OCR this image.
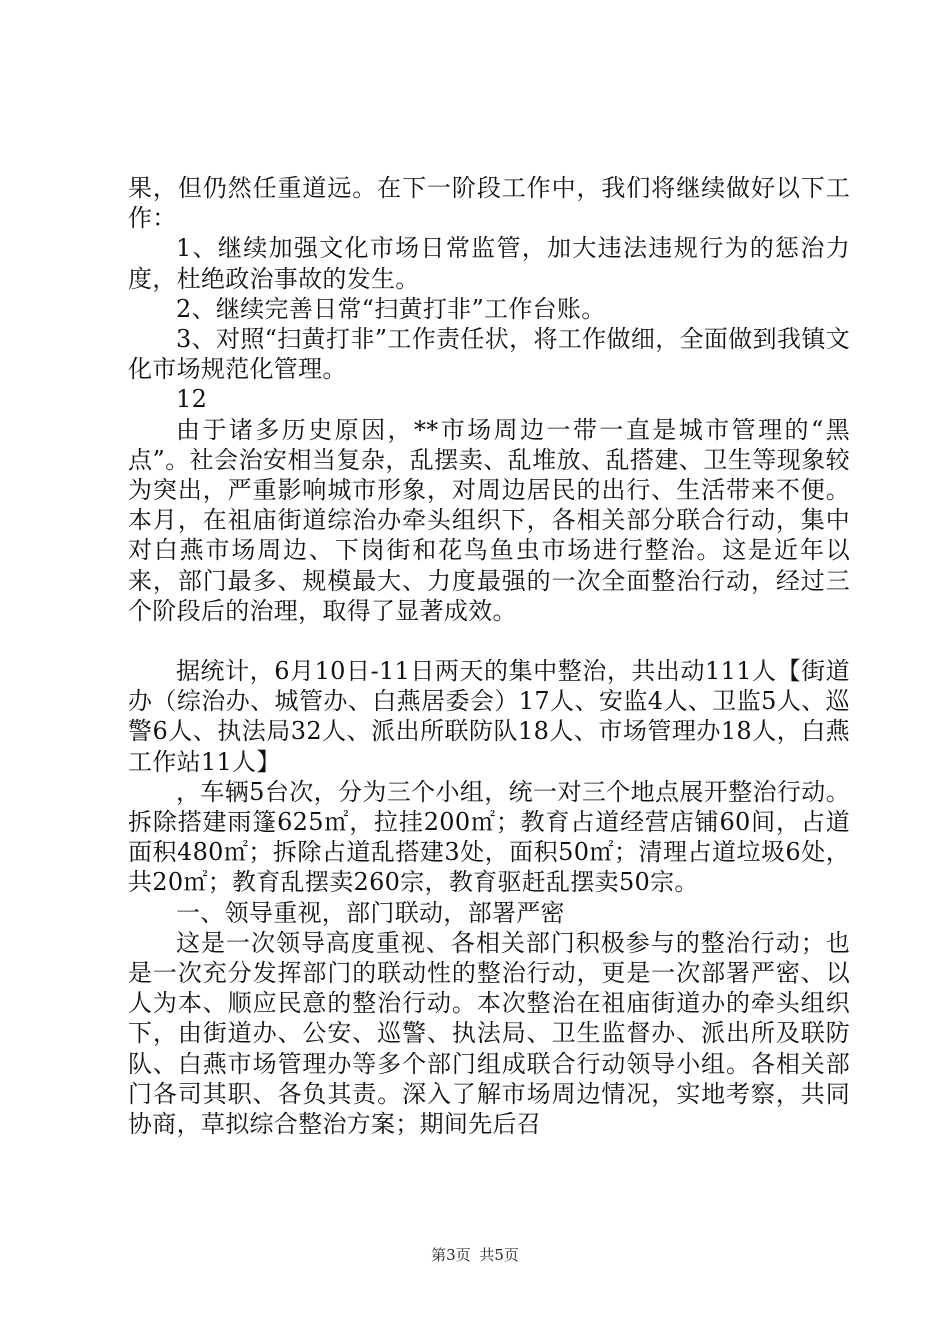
果，但仍然任重道远。在下一阶段工作中，我们将继续做好以下工作：

1、继续加强文化市场日常监管，加大违法违规行为的惩治力度，杜绝政治事故的发生。

2、继续完善日常“扫黄打非”工作台账。

3、对照“扫黄打非”工作责任状，将工作做细，全面做到我镇文化市场规范化管理。

12

由于诸多历史原因，**市场周边一带一直是城市管理的“黑点”。社会治安相当复杂，乱摆卖、乱堆放、乱搭建、卫生等现象较为突出，严重影响城市形象，对周边居民的出行、生活带来不便。本月，在祖庙街道综治办牵头组织下，各相关部分联合行动，集中对白燕市场周边、下岗街和花鸟鱼虫市场进行整治。这是近年以来，部门最多、规模最大、力度最强的一次全面整治行动，经过三个阶段后的治理，取得了显著成效。

据统计，6月10日-11日两天的集中整治，共出动111人【街道办（综治办、城管办、白燕居委会）17人、安监4人、卫监5人、巡警6人、执法局32人、派出所联防队18人、市场管理办18人，白燕工作站11人】

，车辆5台次，分为三个小组，统一对三个地点展开整治行动。拆除搭建雨篷625㎡，拉挂200㎡；教育占道经营店铺60间，占道面积480㎡；拆除占道乱搭建3处，面积50㎡；清理占道垃圾6处，共20㎡；教育乱摆卖260宗，教育驱赶乱摆卖50宗。

一、领导重视，部门联动，部署严密

这是一次领导高度重视、各相关部门积极参与的整治行动；也是一次充分发挥部门的联动性的整治行动，更是一次部署严密、以人为本、顺应民意的整治行动。本次整治在祖庙街道办的牵头组织下，由街道办、公安、巡警、执法局、卫生监督办、派出所及联防队、白燕市场管理办等多个部门组成联合行动领导小组。各相关部门各司其职、各负其责。深入了解市场周边情况，实地考察，共同协商，草拟综合整治方案；期间先后召

第3页 共5页
